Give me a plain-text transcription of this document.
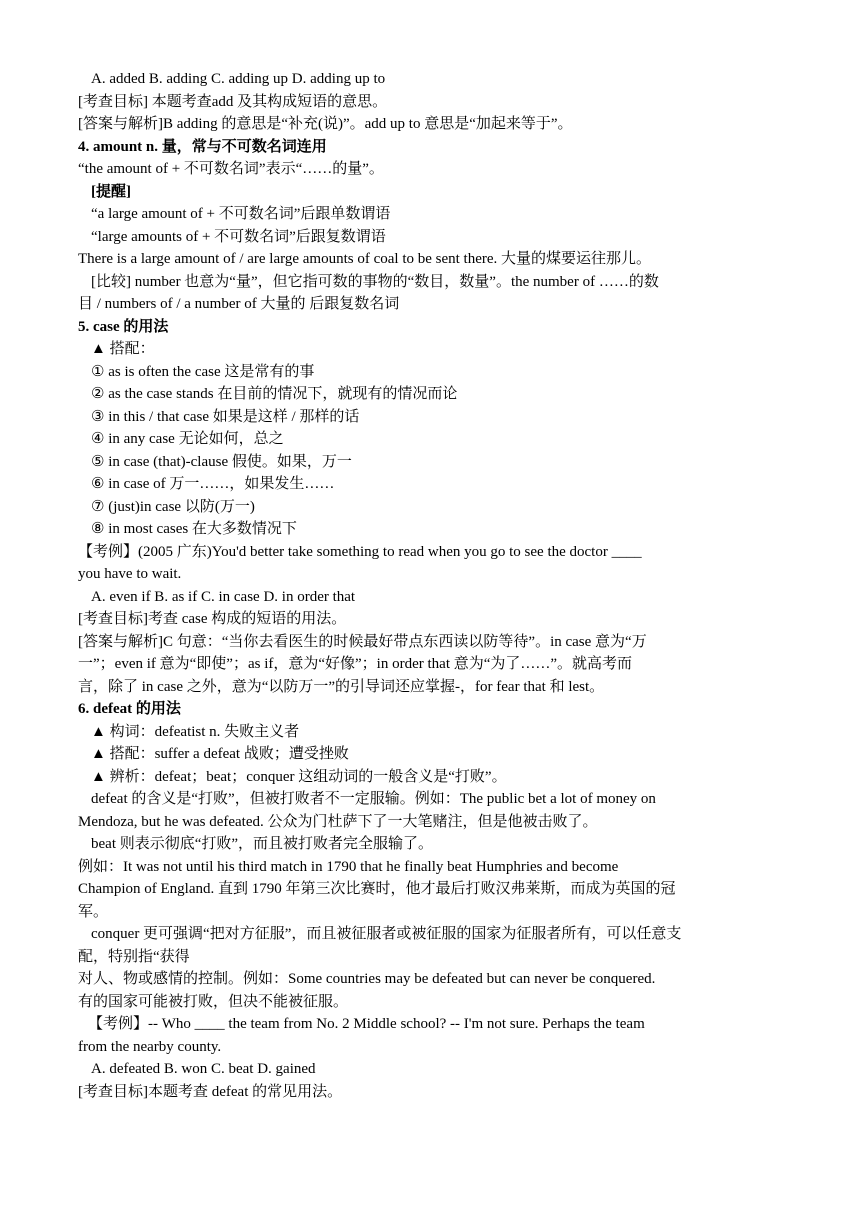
A. added B. adding C. adding up D. adding up to
[考查目标] 本题考查add 及其构成短语的意思。
[答案与解析]B adding 的意思是“补充(说)”。add up to 意思是“加起来等于”。
4. amount n. 量，常与不可数名词连用
“the amount of + 不可数名词”表示“……的量”。
[提醒]
“a large amount of + 不可数名词”后跟单数谓语
“large amounts of + 不可数名词”后跟复数谓语
There is a large amount of / are large amounts of coal to be sent there. 大量的煤要运往那儿。
[比较] number 也意为“量”，但它指可数的事物的“数目，数量”。the number of ……的数
目 / numbers of / a number of 大量的 后跟复数名词
5. case 的用法
▲ 搭配：
① as is often the case 这是常有的事
② as the case stands 在目前的情况下，就现有的情况而论
③ in this / that case 如果是这样 / 那样的话
④ in any case 无论如何，总之
⑤ in case (that)-clause 假使。如果，万一
⑥ in case of 万一……，如果发生……
⑦ (just)in case 以防(万一)
⑧ in most cases 在大多数情况下
【考例】(2005 广东)You'd better take something to read when you go to see the doctor ____
you have to wait.
A. even if B. as if C. in case D. in order that
[考查目标]考查 case 构成的短语的用法。
[答案与解析]C 句意：“当你去看医生的时候最好带点东西读以防等待”。in case 意为“万
一”；even if 意为“即使”；as if，意为“好像”；in order that 意为“为了……”。就高考而
言，除了 in case 之外，意为“以防万一”的引导词还应掌握-，for fear that 和 lest。
6. defeat 的用法
▲ 构词：defeatist n. 失败主义者
▲ 搭配：suffer a defeat 战败；遭受挫败
▲ 辨析：defeat；beat；conquer 这组动词的一般含义是“打败”。
defeat 的含义是“打败”，但被打败者不一定服输。例如：The public bet a lot of money on
Mendoza, but he was defeated. 公众为门杜萨下了一大笔赌注，但是他被击败了。
beat 则表示彻底“打败”，而且被打败者完全服输了。
例如：It was not until his third match in 1790 that he finally beat Humphries and become
Champion of England. 直到 1790 年第三次比赛时，他才最后打败汉弗莱斯，而成为英国的冠
军。
conquer 更可强调“把对方征服”，而且被征服者或被征服的国家为征服者所有，可以任意支
配，特别指“获得
对人、物或感情的控制。例如：Some countries may be defeated but can never be conquered.
有的国家可能被打败，但决不能被征服。
【考例】-- Who ____ the team from No. 2 Middle school? -- I'm not sure. Perhaps the team
from the nearby county.
A. defeated B. won C. beat D. gained
[考查目标]本题考查 defeat 的常见用法。
